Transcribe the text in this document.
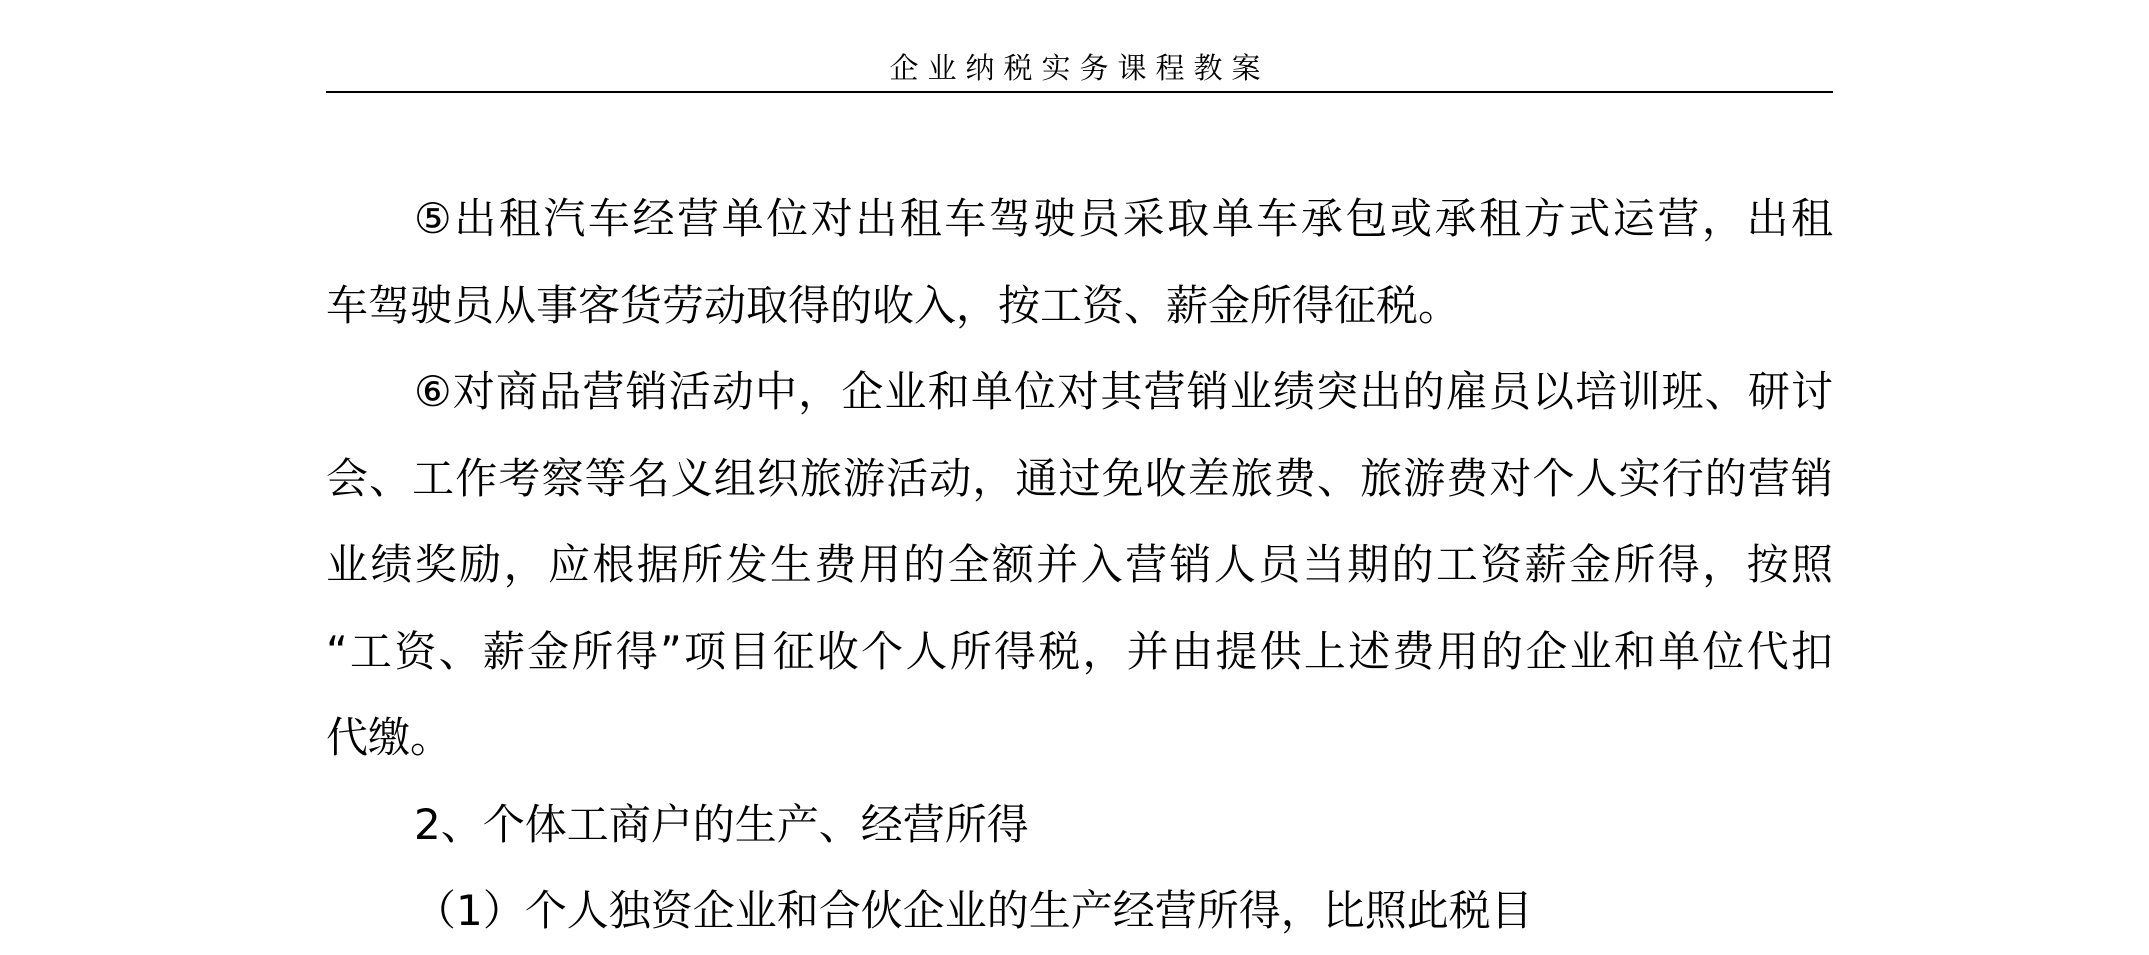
企业纳税实务课程教案
⑤出租汽车经营单位对出租车驾驶员采取单车承包或承租方式运营，出租
车驾驶员从事客货劳动取得的收入，按工资、薪金所得征税。
⑥对商品营销活动中，企业和单位对其营销业绩突出的雇员以培训班、研讨
会、工作考察等名义组织旅游活动，通过免收差旅费、旅游费对个人实行的营销
业绩奖励，应根据所发生费用的全额并入营销人员当期的工资薪金所得，按照
“工资、薪金所得”项目征收个人所得税，并由提供上述费用的企业和单位代扣
代缴。
2、个体工商户的生产、经营所得
（1）个人独资企业和合伙企业的生产经营所得，比照此税目
